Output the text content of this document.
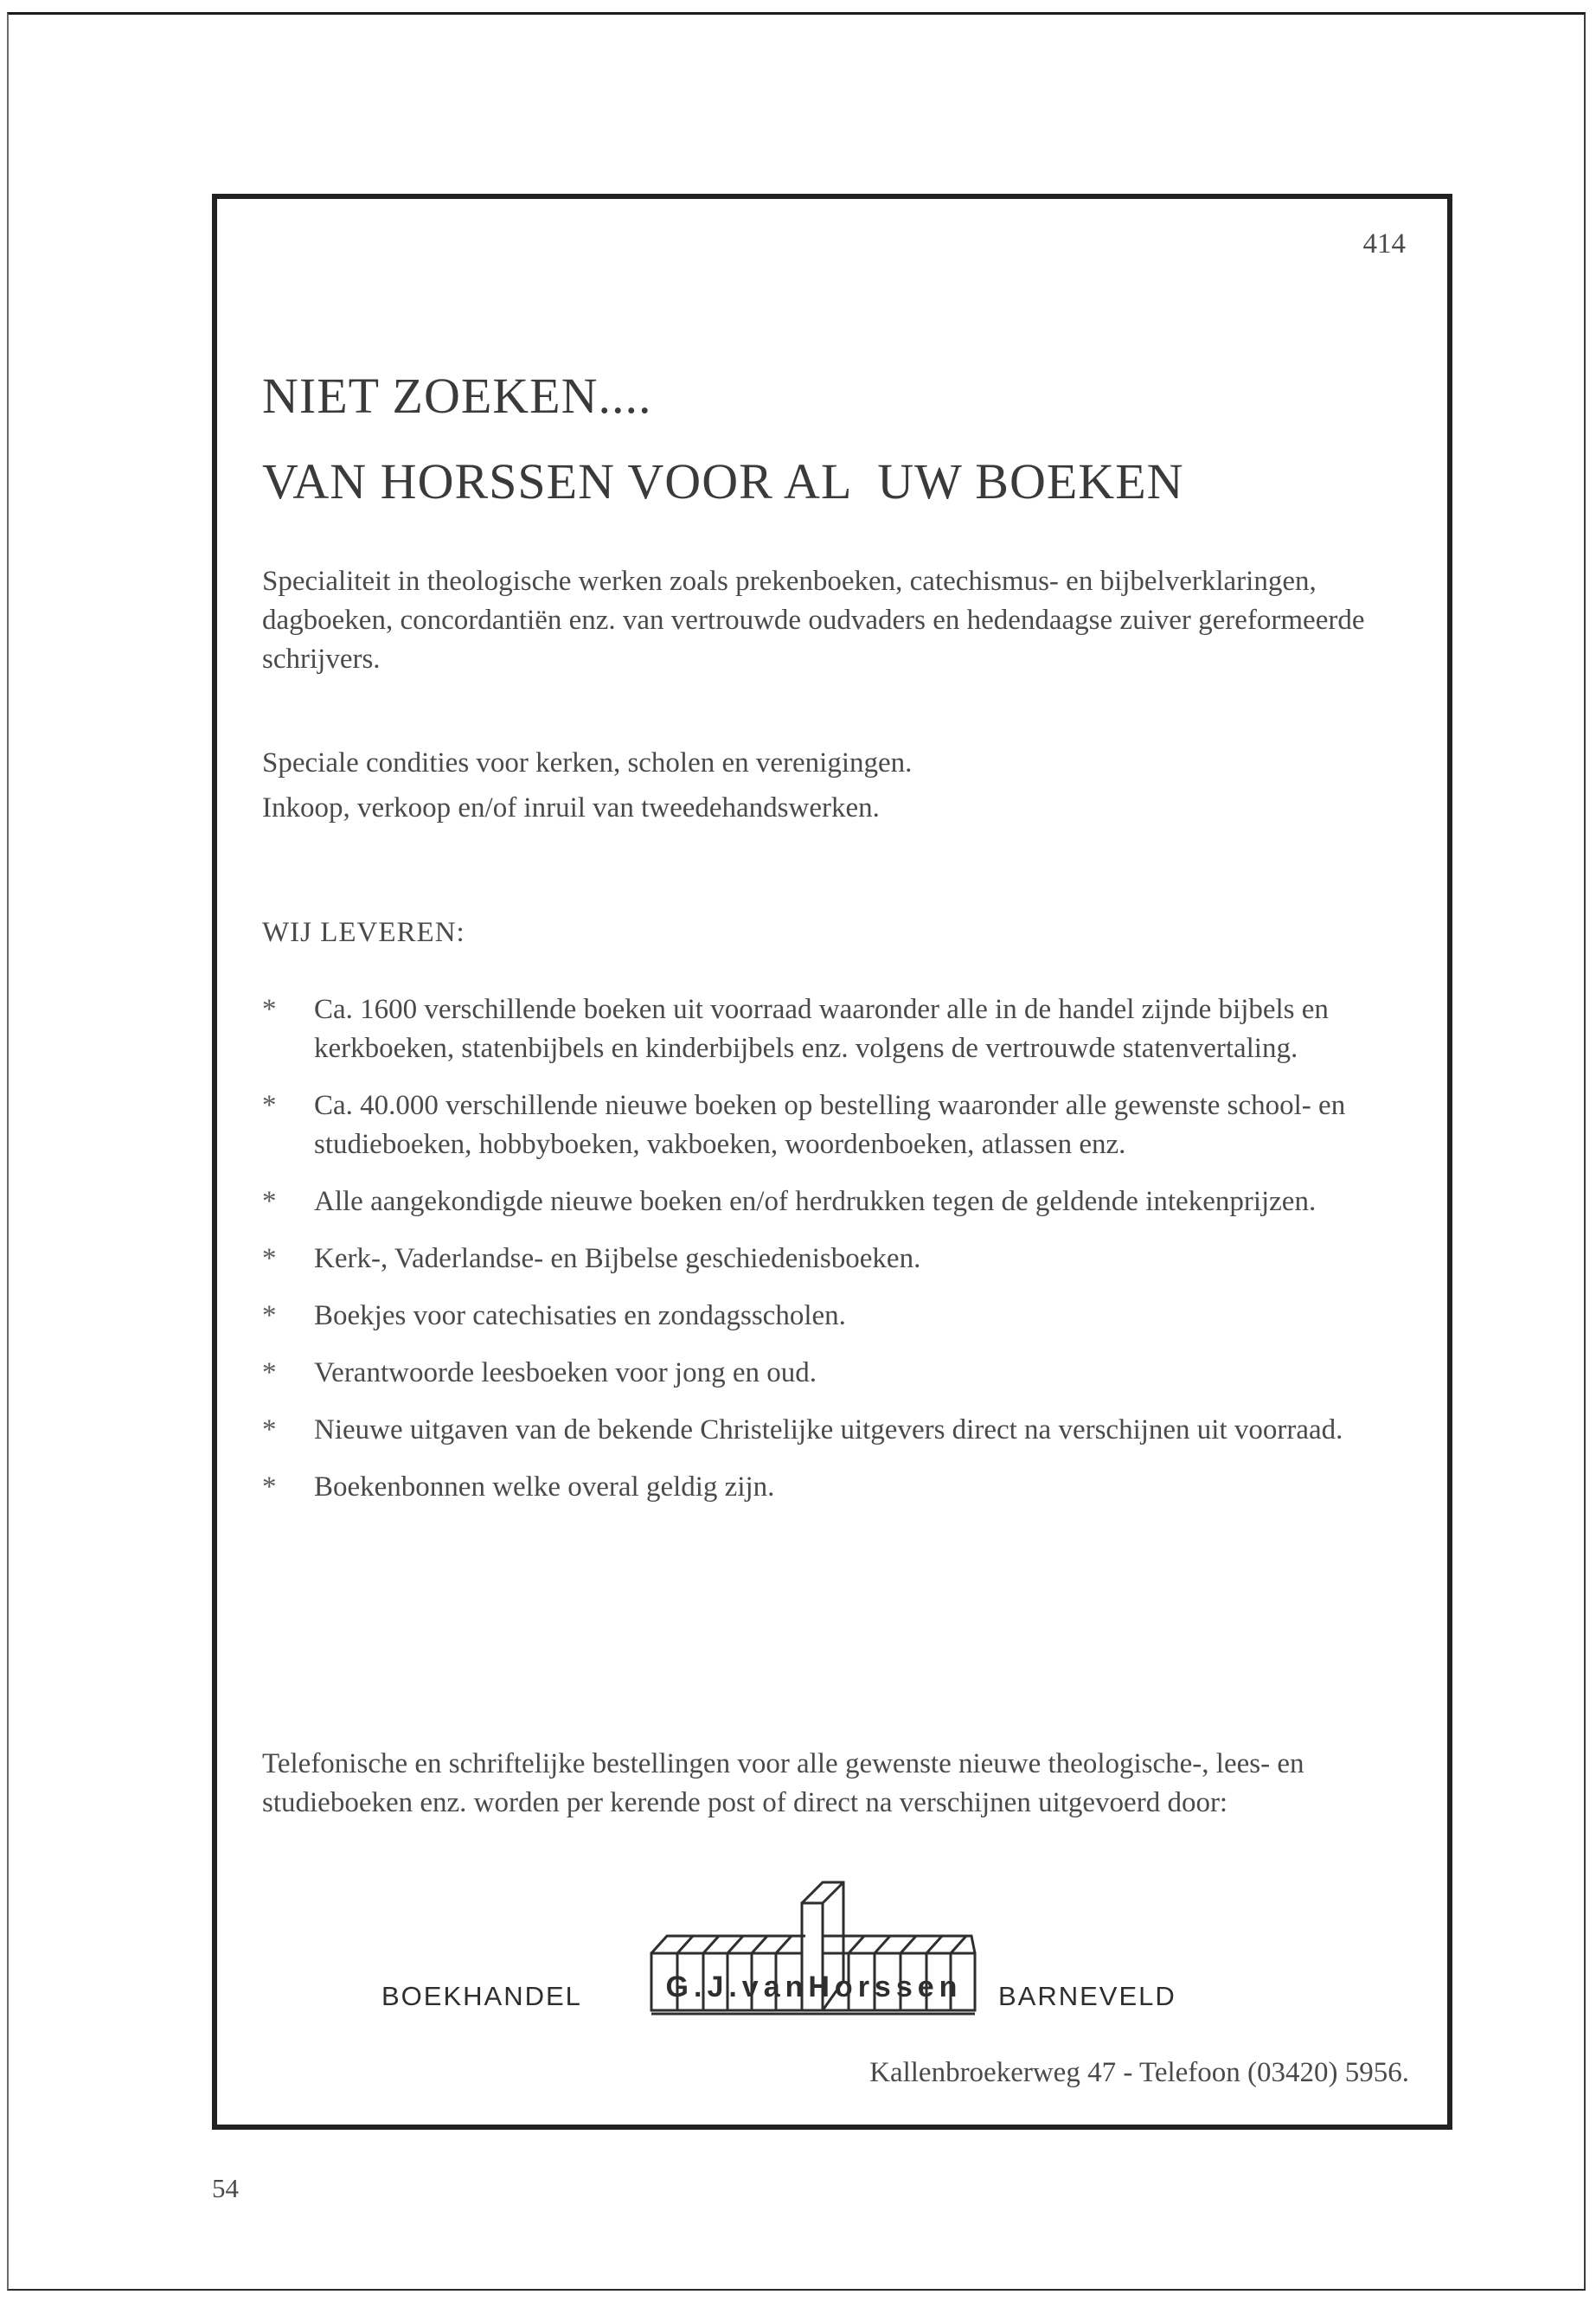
414
NIET ZOEKEN....
VAN HORSSEN VOOR AL  UW BOEKEN

Specialiteit in theologische werken zoals prekenboeken, catechismus- en bijbelverklaringen, dagboeken, concordantiën enz. van vertrouwde oudvaders en hedendaagse zuiver gereformeerde schrijvers.

Speciale condities voor kerken, scholen en verenigingen.

Inkoop, verkoop en/of inruil van tweedehandswerken.

WIJ LEVEREN:
* Ca. 1600 verschillende boeken uit voorraad waaronder alle in de handel zijnde bijbels en kerkboeken, statenbijbels en kinderbijbels enz. volgens de vertrouwde statenvertaling.
* Ca. 40.000 verschillende nieuwe boeken op bestelling waaronder alle gewenste school- en studieboeken, hobbyboeken, vakboeken, woordenboeken, atlassen enz.
* Alle aangekondigde nieuwe boeken en/of herdrukken tegen de geldende intekenprijzen.
* Kerk-, Vaderlandse- en Bijbelse geschiedenisboeken.
* Boekjes voor catechisaties en zondagsscholen.
* Verantwoorde leesboeken voor jong en oud.
* Nieuwe uitgaven van de bekende Christelijke uitgevers direct na verschijnen uit voorraad.
* Boekenbonnen welke overal geldig zijn.

Telefonische en schriftelijke bestellingen voor alle gewenste nieuwe theologische-, lees- en studieboeken enz. worden per kerende post of direct na verschijnen uitgevoerd door:

BOEKHANDEL	G.J.vanHorssen BARNEVELD
Kallenbroekerweg 47 - Telefoon (03420) 5956.
54
